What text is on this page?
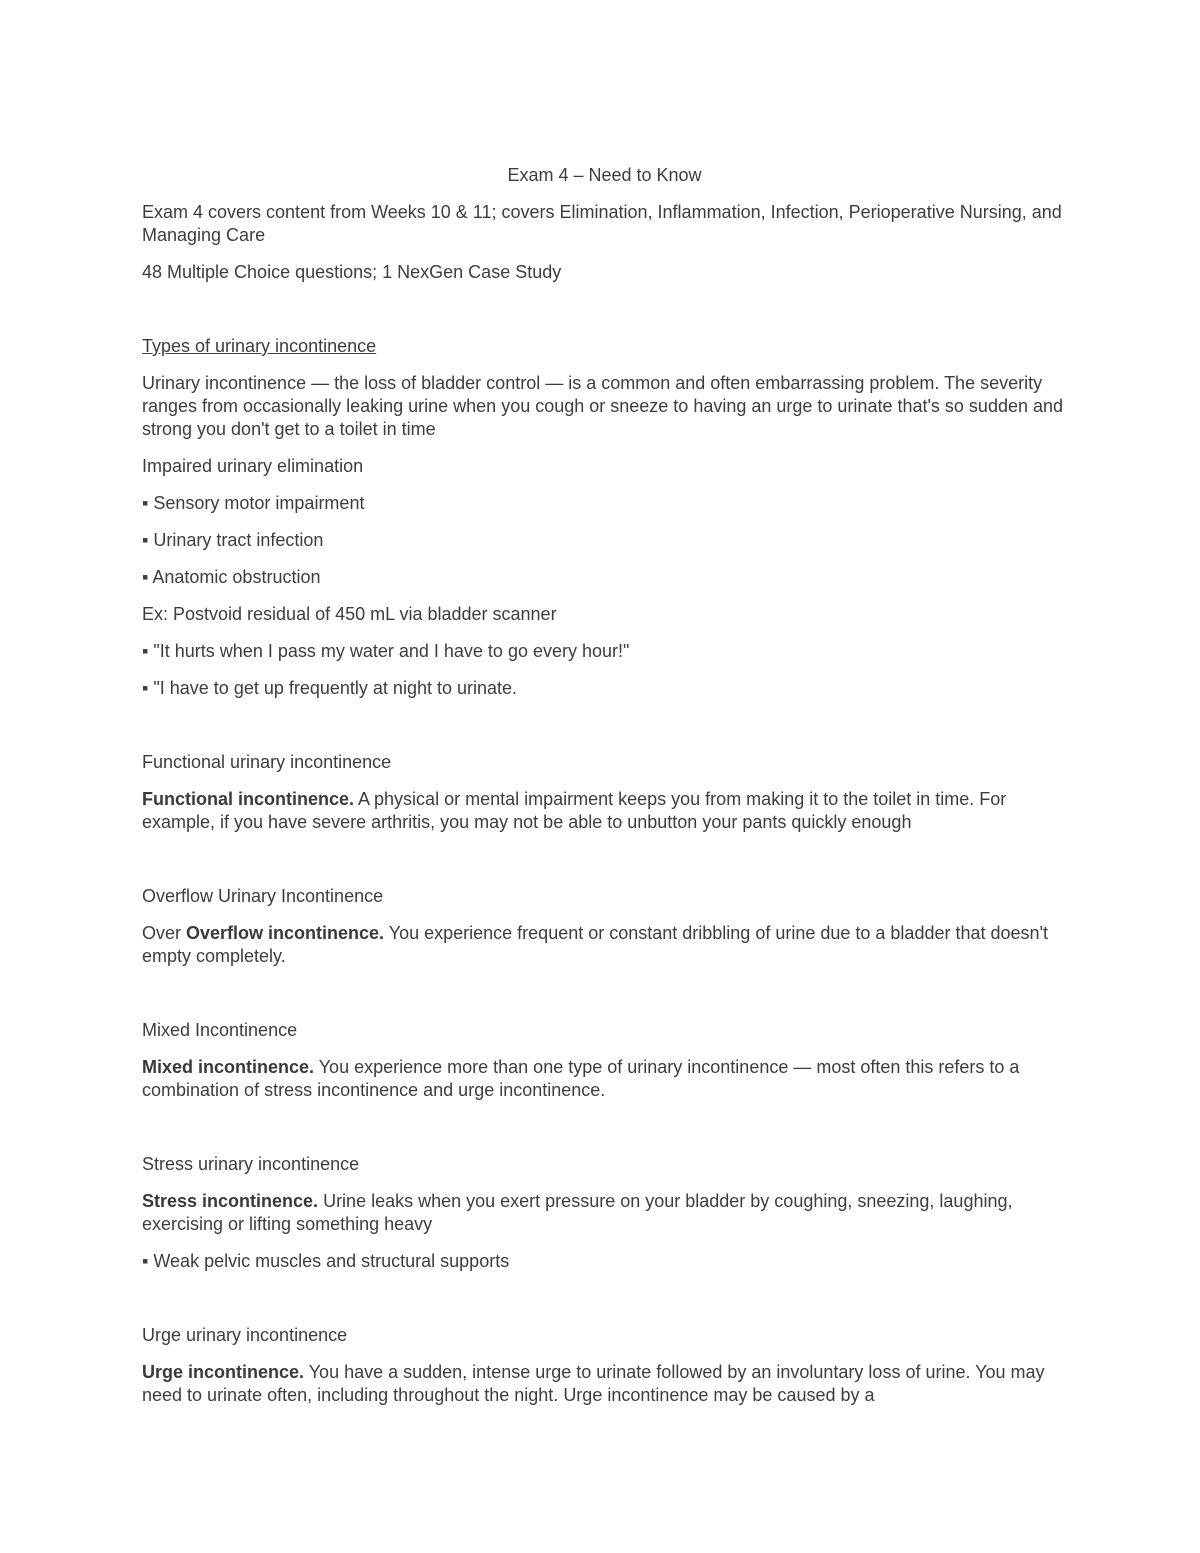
Exam 4 – Need to Know

Exam 4 covers content from Weeks 10 & 11; covers Elimination, Inflammation, Infection, Perioperative Nursing, and Managing Care

48 Multiple Choice questions; 1 NexGen Case Study

Types of urinary incontinence

Urinary incontinence — the loss of bladder control — is a common and often embarrassing problem. The severity ranges from occasionally leaking urine when you cough or sneeze to having an urge to urinate that's so sudden and strong you don't get to a toilet in time

Impaired urinary elimination

▪ Sensory motor impairment

▪ Urinary tract infection

▪ Anatomic obstruction

Ex: Postvoid residual of 450 mL via bladder scanner

▪ "It hurts when I pass my water and I have to go every hour!"

▪ "I have to get up frequently at night to urinate.

Functional urinary incontinence

Functional incontinence. A physical or mental impairment keeps you from making it to the toilet in time. For example, if you have severe arthritis, you may not be able to unbutton your pants quickly enough

Overflow Urinary Incontinence

Over Overflow incontinence. You experience frequent or constant dribbling of urine due to a bladder that doesn't empty completely.

Mixed Incontinence

Mixed incontinence. You experience more than one type of urinary incontinence — most often this refers to a combination of stress incontinence and urge incontinence.

Stress urinary incontinence

Stress incontinence. Urine leaks when you exert pressure on your bladder by coughing, sneezing, laughing, exercising or lifting something heavy

▪ Weak pelvic muscles and structural supports

Urge urinary incontinence

Urge incontinence. You have a sudden, intense urge to urinate followed by an involuntary loss of urine. You may need to urinate often, including throughout the night. Urge incontinence may be caused by a
